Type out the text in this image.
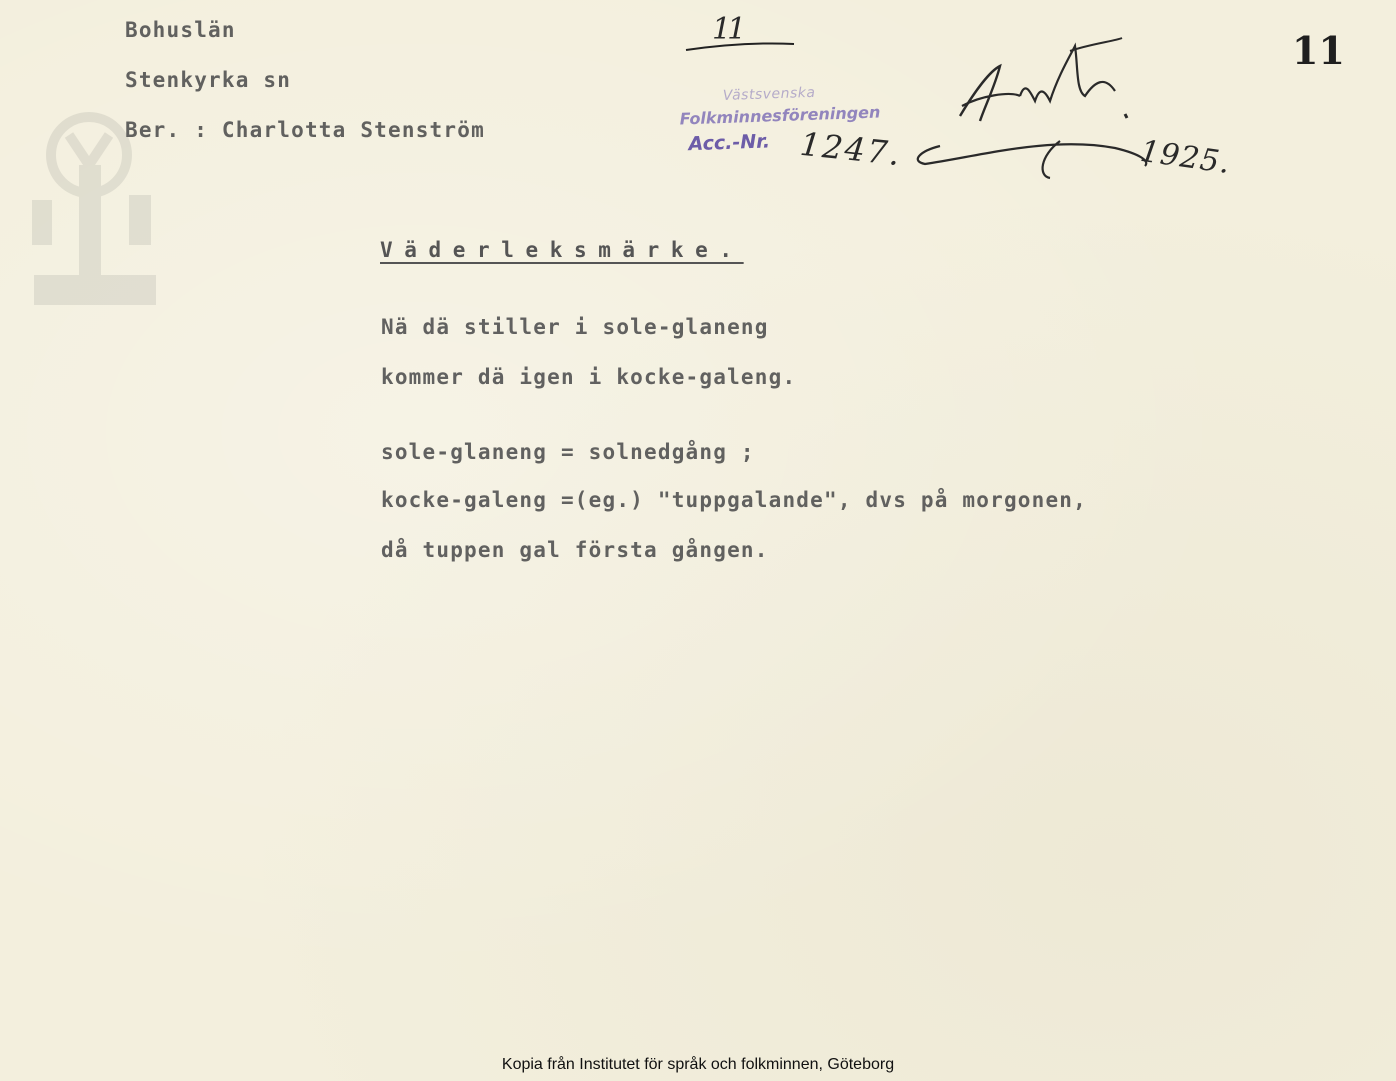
Bohuslän
Stenkyrka sn
Ber. : Charlotta Stenström
11	11
Västsvenska
Folkminnesföreningen
Acc.-Nr. 1247.	1925.
Väderleksmärke.
Nä dä stiller i sole-glaneng
kommer dä igen i kocke-galeng.
sole-glaneng = solnedgång ;
kocke-galeng =(eg.) "tuppgalande", dvs på morgonen,
då tuppen gal första gången.
Kopia från Institutet för språk och folkminnen, Göteborg
